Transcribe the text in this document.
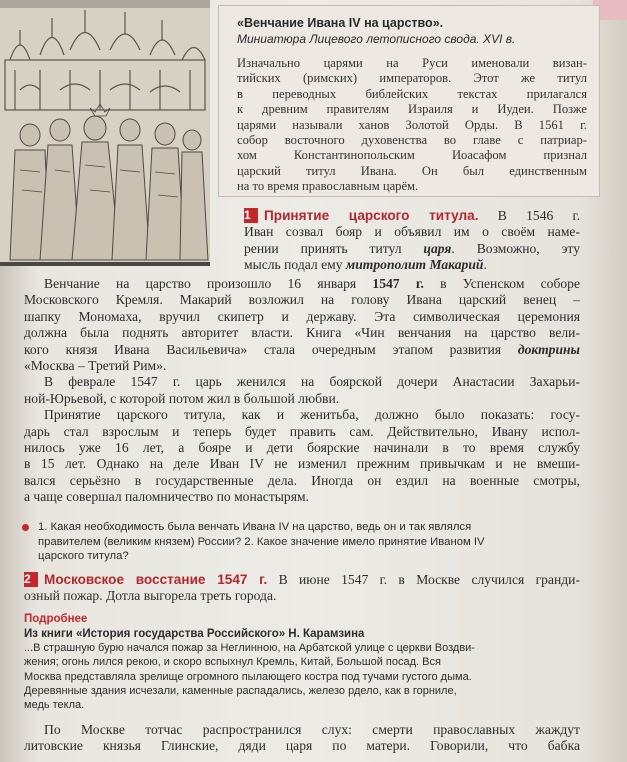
«Венчание Ивана IV на царство».
Миниатюра Лицевого летописного свода. XVI в.
Изначально царями на Руси именовали визан-
тийских (римских) императоров. Этот же титул
в переводных библейских текстах прилагался
к древним правителям Израиля и Иудеи. Позже
царями называли ханов Золотой Орды. В 1561 г.
собор восточного духовенства во главе с патриар-
хом Константинопольским Иоасафом признал
царский титул Ивана. Он был единственным
на то время православным царём.
1 Принятие царского титула. В 1546 г.
Иван созвал бояр и объявил им о своём наме-
рении принять титул царя. Возможно, эту
мысль подал ему митрополит Макарий.
Венчание на царство произошло 16 января 1547 г. в Успенском соборе
Московского Кремля. Макарий возложил на голову Ивана царский венец –
шапку Мономаха, вручил скипетр и державу. Эта символическая церемония
должна была поднять авторитет власти. Книга «Чин венчания на царство вели-
кого князя Ивана Васильевича» стала очередным этапом развития доктрины
«Москва – Третий Рим».
В феврале 1547 г. царь женился на боярской дочери Анастасии Захарьи-
ной-Юрьевой, с которой потом жил в большой любви.
Принятие царского титула, как и женитьба, должно было показать: госу-
дарь стал взрослым и теперь будет править сам. Действительно, Ивану испол-
нилось уже 16 лет, а бояре и дети боярские начинали в то время службу
в 15 лет. Однако на деле Иван IV не изменил прежним привычкам и не вмеши-
вался серьёзно в государственные дела. Иногда он ездил на военные смотры,
а чаще совершал паломничество по монастырям.
1. Какая необходимость была венчать Ивана IV на царство, ведь он и так являлся
правителем (великим князем) России? 2. Какое значение имело принятие Иваном IV
царского титула?
2 Московское восстание 1547 г. В июне 1547 г. в Москве случился гранди-
озный пожар. Дотла выгорела треть города.
Подробнее
Из книги «История государства Российского» Н. Карамзина
...В страшную бурю начался пожар за Неглинною, на Арбатской улице с церкви Воздви-
жения; огонь лился рекою, и скоро вспыхнул Кремль, Китай, Большой посад. Вся
Москва представляла зрелище огромного пылающего костра под тучами густого дыма.
Деревянные здания исчезали, каменные распадались, железо рдело, как в горниле,
медь текла.
По Москве тотчас распространился слух: смерти православных жаждут
литовские князья Глинские, дяди царя по матери. Говорили, что бабка
